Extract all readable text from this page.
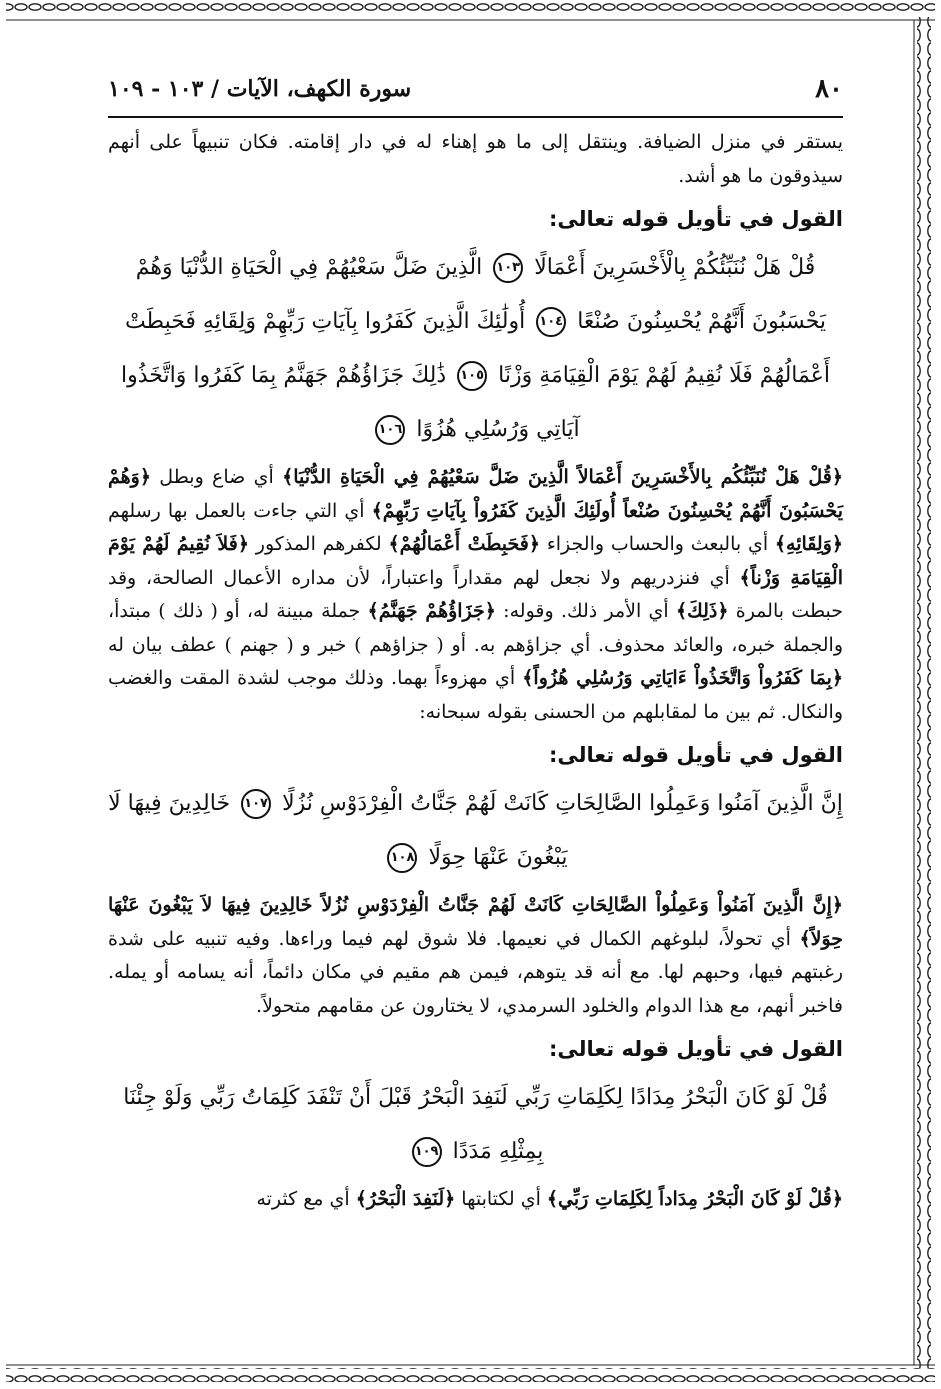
٨٠
سورة الكهف، الآيات / ١٠٣ - ١٠٩

يستقر في منزل الضيافة. وينتقل إلى ما هو إهناء له في دار إقامته. فكان تنبيهاً على أنهم سيذوقون ما هو أشد.

القول في تأويل قوله تعالى:

قُلْ هَلْ نُنَبِّئُكُمْ بِالْأَخْسَرِينَ أَعْمَالًا ١٠٣ الَّذِينَ ضَلَّ سَعْيُهُمْ فِي الْحَيَاةِ الدُّنْيَا وَهُمْ يَحْسَبُونَ أَنَّهُمْ يُحْسِنُونَ صُنْعًا ١٠٤ أُولَٰئِكَ الَّذِينَ كَفَرُوا بِآيَاتِ رَبِّهِمْ وَلِقَائِهِ فَحَبِطَتْ أَعْمَالُهُمْ فَلَا نُقِيمُ لَهُمْ يَوْمَ الْقِيَامَةِ وَزْنًا ١٠٥ ذَٰلِكَ جَزَاؤُهُمْ جَهَنَّمُ بِمَا كَفَرُوا وَاتَّخَذُوا آيَاتِي وَرُسُلِي هُزُوًا ١٠٦

﴿قُلْ هَلْ نُنَبِّئُكُم بِالأَخْسَرِينَ أَعْمَالاً الَّذِينَ ضَلَّ سَعْيُهُمْ فِي الْحَيَاةِ الدُّنْيَا﴾ أي ضاع وبطل ﴿وَهُمْ يَحْسَبُونَ أَنَّهُمْ يُحْسِنُونَ صُنْعاً أُولَئِكَ الَّذِينَ كَفَرُواْ بِآيَاتِ رَبِّهِمْ﴾ أي التي جاءت بالعمل بها رسلهم ﴿وَلِقَائِهِ﴾ أي بالبعث والحساب والجزاء ﴿فَحَبِطَتْ أَعْمَالُهُمْ﴾ لكفرهم المذكور ﴿فَلاَ نُقِيمُ لَهُمْ يَوْمَ الْقِيَامَةِ وَزْناً﴾ أي فنزدريهم ولا نجعل لهم مقداراً واعتباراً، لأن مداره الأعمال الصالحة، وقد حبطت بالمرة ﴿ذَلِكَ﴾ أي الأمر ذلك. وقوله: ﴿جَزَاؤُهُمْ جَهَنَّمُ﴾ جملة مبينة له، أو ( ذلك ) مبتدأ، والجملة خبره، والعائد محذوف. أي جزاؤهم به. أو ( جزاؤهم ) خبر و ( جهنم ) عطف بيان له ﴿بِمَا كَفَرُواْ وَاتَّخَذُواْ ءَايَاتِي وَرُسُلِي هُزُواً﴾ أي مهزوءاً بهما. وذلك موجب لشدة المقت والغضب والنكال. ثم بين ما لمقابلهم من الحسنى بقوله سبحانه:

القول في تأويل قوله تعالى:

إِنَّ الَّذِينَ آمَنُوا وَعَمِلُوا الصَّالِحَاتِ كَانَتْ لَهُمْ جَنَّاتُ الْفِرْدَوْسِ نُزُلًا ١٠٧ خَالِدِينَ فِيهَا لَا يَبْغُونَ عَنْهَا حِوَلًا ١٠٨

﴿إِنَّ الَّذِينَ آمَنُواْ وَعَمِلُواْ الصَّالِحَاتِ كَانَتْ لَهُمْ جَنَّاتُ الْفِرْدَوْسِ نُزُلاً خَالِدِينَ فِيهَا لاَ يَبْغُونَ عَنْهَا حِوَلاً﴾ أي تحولاً، لبلوغهم الكمال في نعيمها. فلا شوق لهم فيما وراءها. وفيه تنبيه على شدة رغبتهم فيها، وحبهم لها. مع أنه قد يتوهم، فيمن هم مقيم في مكان دائماً، أنه يسامه أو يمله. فاخبر أنهم، مع هذا الدوام والخلود السرمدي، لا يختارون عن مقامهم متحولاً.

القول في تأويل قوله تعالى:

قُلْ لَوْ كَانَ الْبَحْرُ مِدَادًا لِكَلِمَاتِ رَبِّي لَنَفِدَ الْبَحْرُ قَبْلَ أَنْ تَنْفَدَ كَلِمَاتُ رَبِّي وَلَوْ جِئْنَا بِمِثْلِهِ مَدَدًا ١٠٩

﴿قُلْ لَوْ كَانَ الْبَحْرُ مِدَاداً لِكَلِمَاتِ رَبِّي﴾ أي لكتابتها ﴿لَنَفِدَ الْبَحْرُ﴾ أي مع كثرته
